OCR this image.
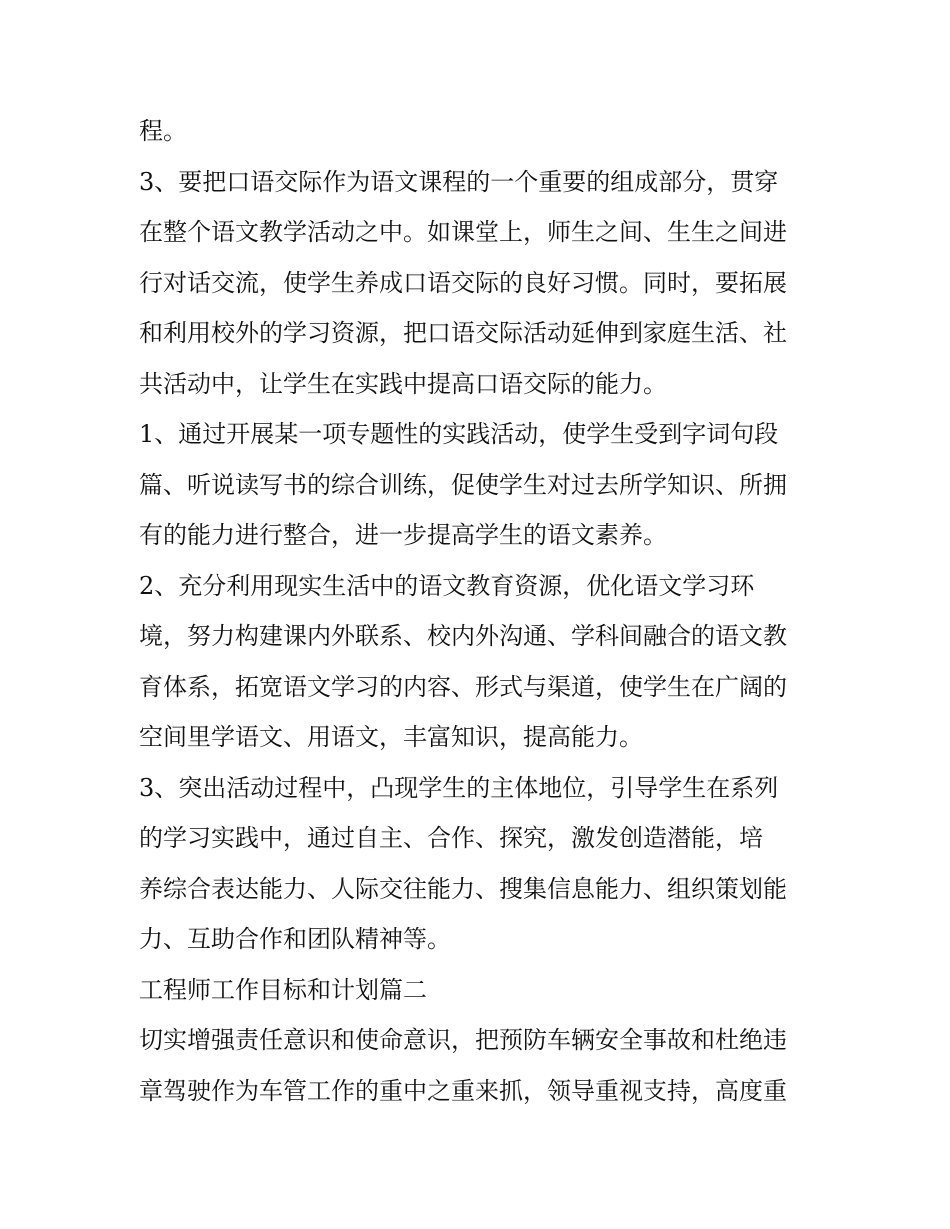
程。
3、要把口语交际作为语文课程的一个重要的组成部分，贯穿
在整个语文教学活动之中。如课堂上，师生之间、生生之间进
行对话交流，使学生养成口语交际的良好习惯。同时，要拓展
和利用校外的学习资源，把口语交际活动延伸到家庭生活、社
共活动中，让学生在实践中提高口语交际的能力。
1、通过开展某一项专题性的实践活动，使学生受到字词句段
篇、听说读写书的综合训练，促使学生对过去所学知识、所拥
有的能力进行整合，进一步提高学生的语文素养。
2、充分利用现实生活中的语文教育资源，优化语文学习环
境，努力构建课内外联系、校内外沟通、学科间融合的语文教
育体系，拓宽语文学习的内容、形式与渠道，使学生在广阔的
空间里学语文、用语文，丰富知识，提高能力。
3、突出活动过程中，凸现学生的主体地位，引导学生在系列
的学习实践中，通过自主、合作、探究，激发创造潜能，培
养综合表达能力、人际交往能力、搜集信息能力、组织策划能
力、互助合作和团队精神等。
工程师工作目标和计划篇二
切实增强责任意识和使命意识，把预防车辆安全事故和杜绝违
章驾驶作为车管工作的重中之重来抓，领导重视支持，高度重
